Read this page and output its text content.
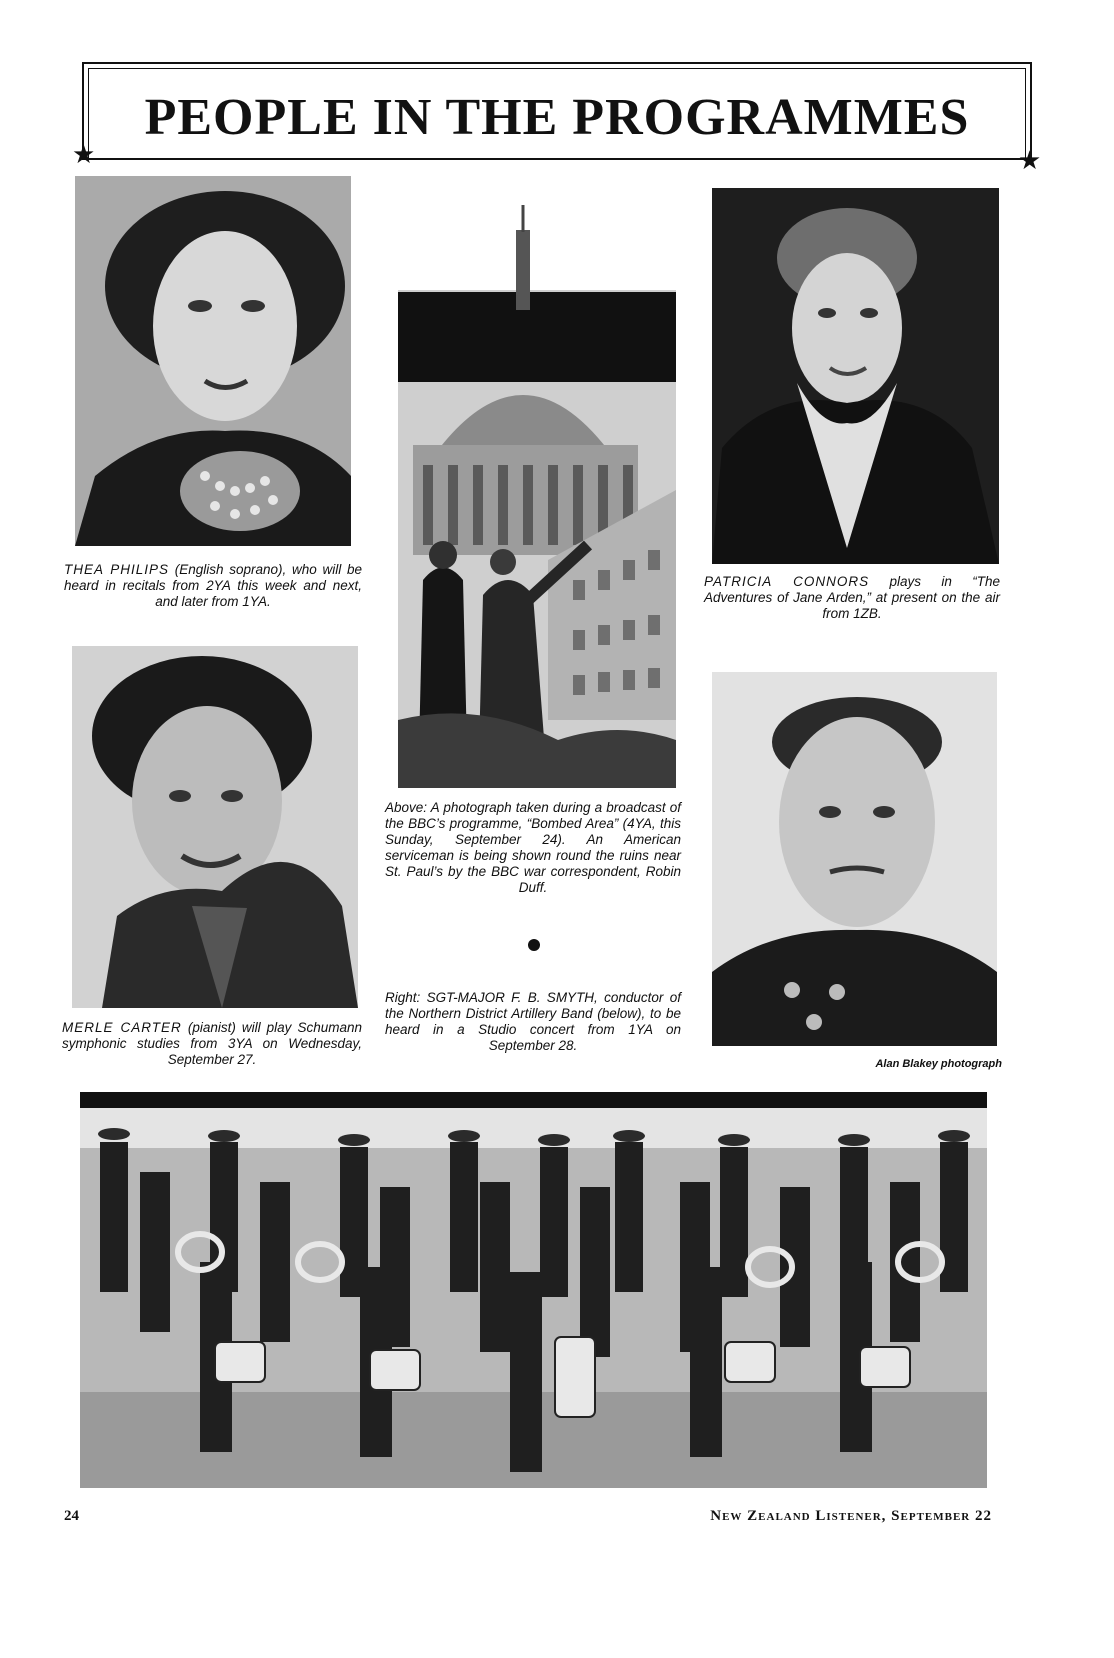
PEOPLE IN THE PROGRAMMES
★	★
THEA PHILIPS (English soprano), who will be heard in recitals from 2YA this week and next, and later from 1YA.
PATRICIA CONNORS plays in “The Adventures of Jane Arden,” at present on the air from 1ZB.
Above: A photograph taken during a broadcast of the BBC’s programme, “Bombed Area” (4YA, this Sunday, September 24). An American serviceman is being shown round the ruins near St. Paul’s by the BBC war correspondent, Robin Duff.
Right: SGT-MAJOR F. B. SMYTH, conductor of the Northern District Artillery Band (below), to be heard in a Studio concert from 1YA on September 28.
MERLE CARTER (pianist) will play Schumann symphonic studies from 3YA on Wednesday, September 27.	Alan Blakey photograph
24	New Zealand Listener, September 22
